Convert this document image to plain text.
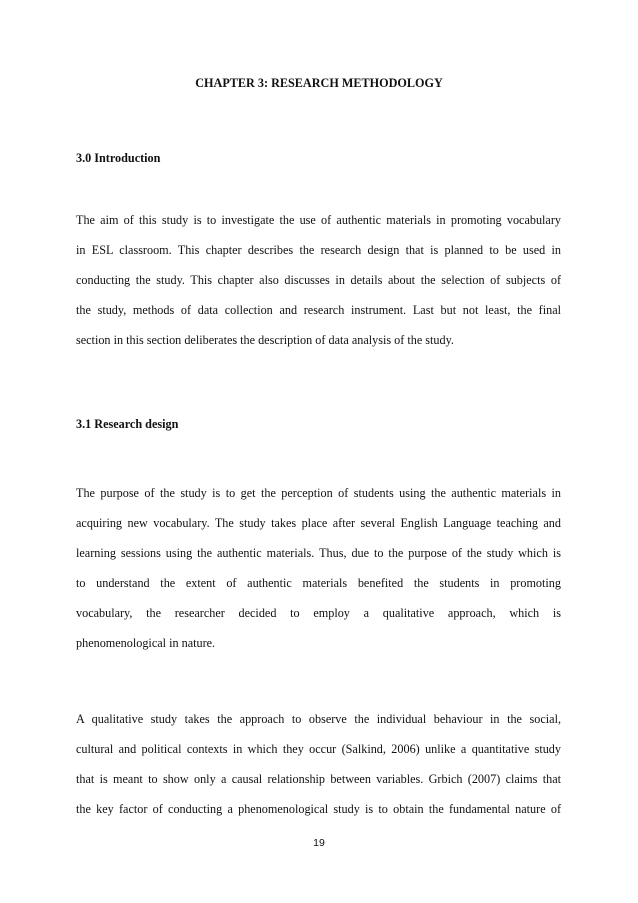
CHAPTER 3: RESEARCH METHODOLOGY
3.0 Introduction
The aim of this study is to investigate the use of authentic materials in promoting vocabulary
in ESL classroom. This chapter describes the research design that is planned to be used in
conducting the study. This chapter also discusses in details about the selection of subjects of
the study, methods of data collection and research instrument. Last but not least, the final
section in this section deliberates the description of data analysis of the study.
3.1 Research design
The purpose of the study is to get the perception of students using the authentic materials in
acquiring new vocabulary. The study takes place after several English Language teaching and
learning sessions using the authentic materials. Thus, due to the purpose of the study which is
to understand the extent of authentic materials benefited the students in promoting
vocabulary, the researcher decided to employ a qualitative approach, which is
phenomenological in nature.
A qualitative study takes the approach to observe the individual behaviour in the social,
cultural and political contexts in which they occur (Salkind, 2006) unlike a quantitative study
that is meant to show only a causal relationship between variables. Grbich (2007) claims that
the key factor of conducting a phenomenological study is to obtain the fundamental nature of
19
